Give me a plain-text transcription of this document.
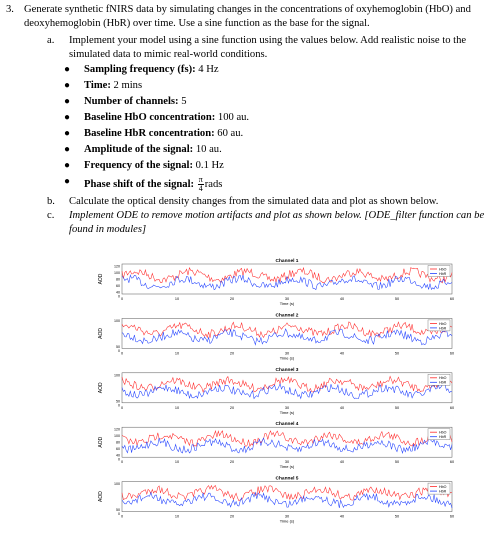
3. Generate synthetic fNIRS data by simulating changes in the concentrations of oxyhemoglobin (HbO) and deoxyhemoglobin (HbR) over time. Use a sine function as the base for the signal.
a. Implement your model using a sine function using the values below. Add realistic noise to the simulated data to mimic real-world conditions.
● Sampling frequency (fs): 4 Hz
● Time: 2 mins
● Number of channels: 5
● Baseline HbO concentration: 100 au.
● Baseline HbR concentration: 60 au.
● Amplitude of the signal: 10 au.
● Frequency of the signal: 0.1 Hz
● Phase shift of the signal: $\frac{\pi}{4}$ rads
b. Calculate the optical density changes from the simulated data and plot as shown below.
c. Implement ODE to remove motion artifacts and plot as shown below. [ODE_filter function can be found in modules]
Channel 1
AOD
120
100
80
60
40
0
0	10	20	30	40	50	60
Time (s)
HbO
HbR
Channel 2
AOD
100
50
0
0	10	20	30	40	50	60
Time (s)
HbO
HbR
Channel 3
AOD
100
50
0
0	10	20	30	40	50	60
Time (s)
HbO
HbR
Channel 4
AOD
120
100
80
60
40
0
0	10	20	30	40	50	60
Time (s)
HbO
HbR
Channel 5
AOD
100
50
0
0	10	20	30	40	50	60
Time (s)
HbO
HbR
